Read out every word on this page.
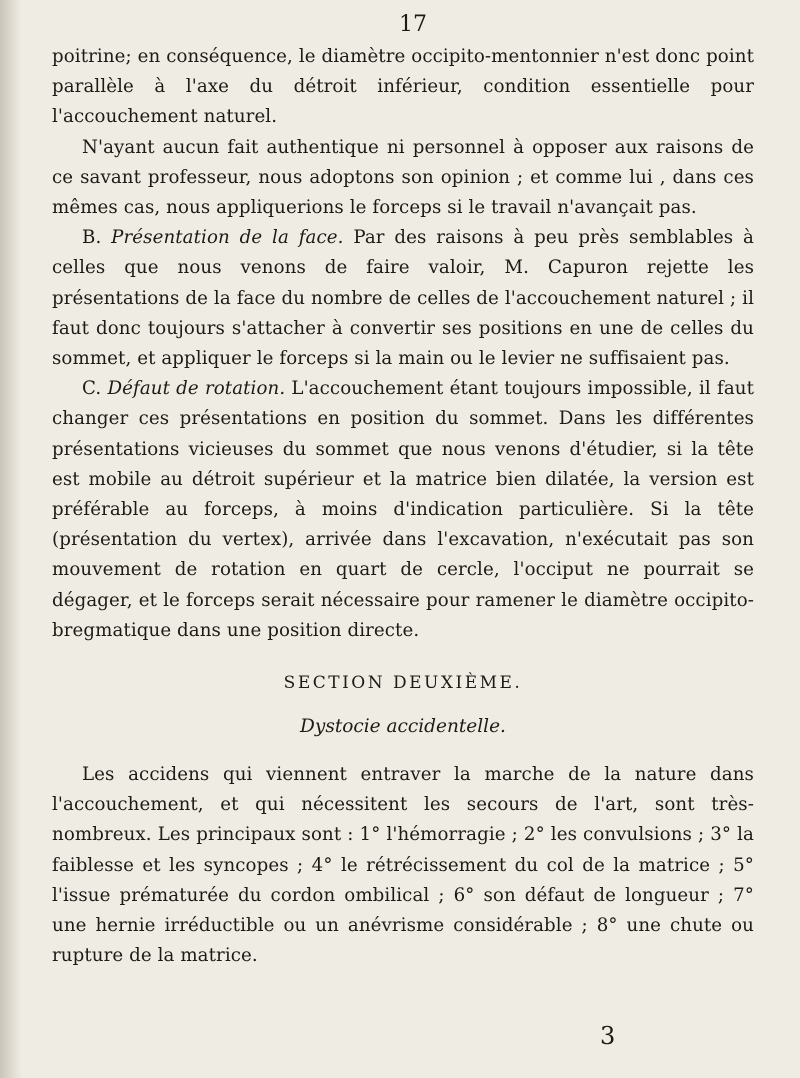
17

poitrine; en conséquence, le diamètre occipito-mentonnier n'est donc point parallèle à l'axe du détroit inférieur, condition essentielle pour l'accouchement naturel.

N'ayant aucun fait authentique ni personnel à opposer aux raisons de ce savant professeur, nous adoptons son opinion ; et comme lui , dans ces mêmes cas, nous appliquerions le forceps si le travail n'avançait pas.

B. Présentation de la face. Par des raisons à peu près semblables à celles que nous venons de faire valoir, M. Capuron rejette les présentations de la face du nombre de celles de l'accouchement naturel ; il faut donc toujours s'attacher à convertir ses positions en une de celles du sommet, et appliquer le forceps si la main ou le levier ne suffisaient pas.

C. Défaut de rotation. L'accouchement étant toujours impossible, il faut changer ces présentations en position du sommet. Dans les différentes présentations vicieuses du sommet que nous venons d'étudier, si la tête est mobile au détroit supérieur et la matrice bien dilatée, la version est préférable au forceps, à moins d'indication particulière. Si la tête (présentation du vertex), arrivée dans l'excavation, n'exécutait pas son mouvement de rotation en quart de cercle, l'occiput ne pourrait se dégager, et le forceps serait nécessaire pour ramener le diamètre occipito-bregmatique dans une position directe.

SECTION DEUXIÈME.
Dystocie accidentelle.

Les accidens qui viennent entraver la marche de la nature dans l'accouchement, et qui nécessitent les secours de l'art, sont très-nombreux. Les principaux sont : 1° l'hémorragie ; 2° les convulsions ; 3° la faiblesse et les syncopes ; 4° le rétrécissement du col de la matrice ; 5° l'issue prématurée du cordon ombilical ; 6° son défaut de longueur ; 7° une hernie irréductible ou un anévrisme considérable ; 8° une chute ou rupture de la matrice.

3
